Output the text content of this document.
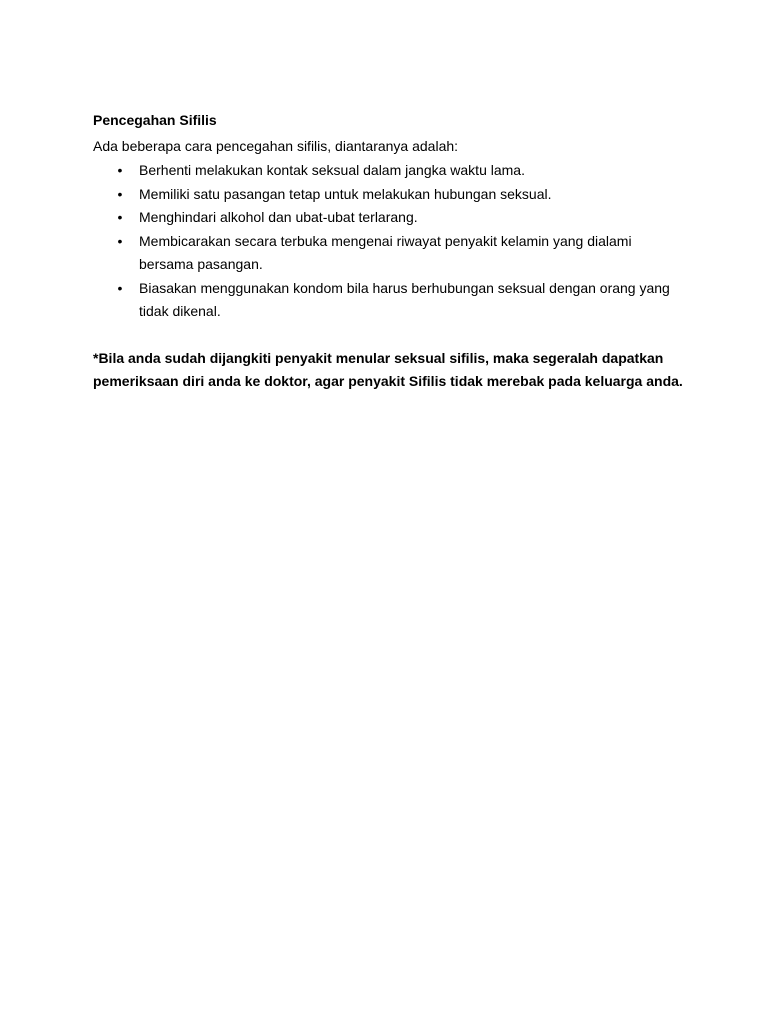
Pencegahan Sifilis
Ada beberapa cara pencegahan sifilis, diantaranya adalah:
• Berhenti melakukan kontak seksual dalam jangka waktu lama.
• Memiliki satu pasangan tetap untuk melakukan hubungan seksual.
• Menghindari alkohol dan ubat-ubat terlarang.
• Membicarakan secara terbuka mengenai riwayat penyakit kelamin yang dialami bersama pasangan.
• Biasakan menggunakan kondom bila harus berhubungan seksual dengan orang yang tidak dikenal.
*Bila anda sudah dijangkiti penyakit menular seksual sifilis, maka segeralah dapatkan pemeriksaan diri anda ke doktor, agar penyakit Sifilis tidak merebak pada keluarga anda.
